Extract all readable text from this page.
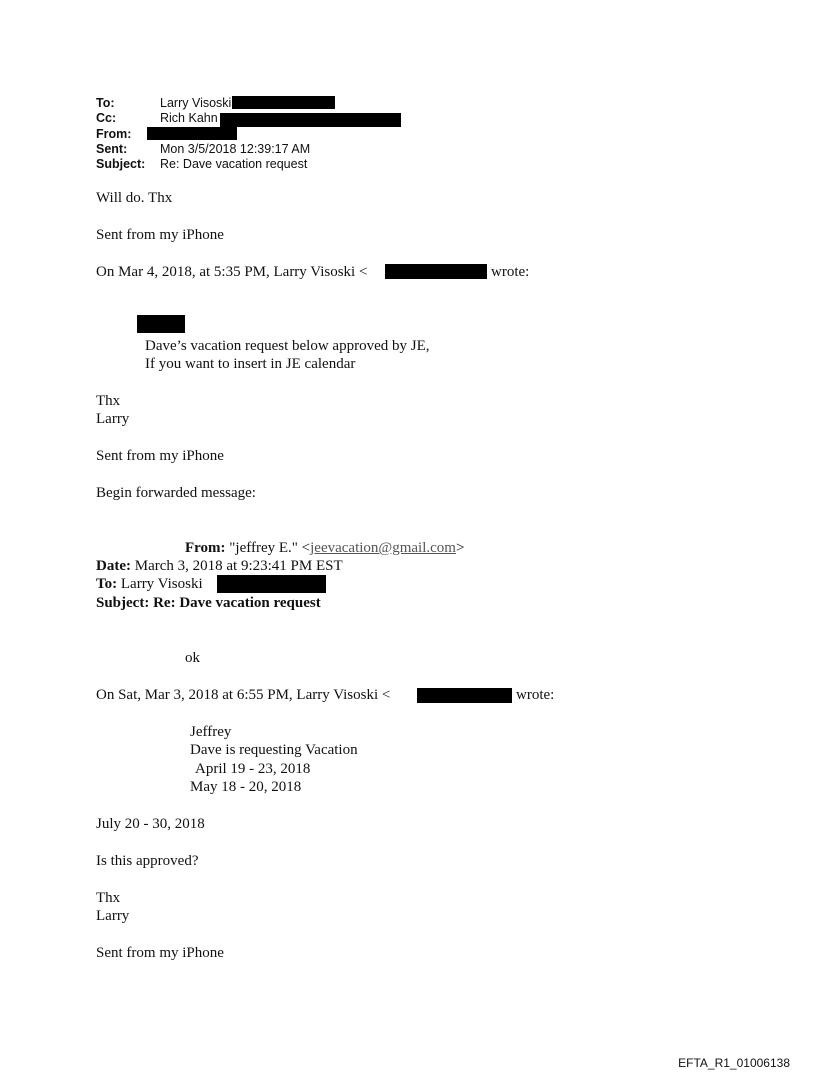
To:	Larry Visoski
Cc:	Rich Kahn
From:
Sent:	Mon 3/5/2018 12:39:17 AM
Subject: Re: Dave vacation request
Will do. Thx
Sent from my iPhone
On Mar 4, 2018, at 5:35 PM, Larry Visoski <	wrote:
Dave’s vacation request below approved by JE,
If you want to insert in JE calendar
Thx
Larry
Sent from my iPhone
Begin forwarded message:
From: "jeffrey E." <jeevacation@gmail.com>
Date: March 3, 2018 at 9:23:41 PM EST
To: Larry Visoski
Subject: Re: Dave vacation request
ok
On Sat, Mar 3, 2018 at 6:55 PM, Larry Visoski <	wrote:
Jeffrey
Dave is requesting Vacation
April 19 - 23, 2018
May 18 - 20, 2018
July 20 - 30, 2018
Is this approved?
Thx
Larry
Sent from my iPhone
EFTA_R1_01006138
